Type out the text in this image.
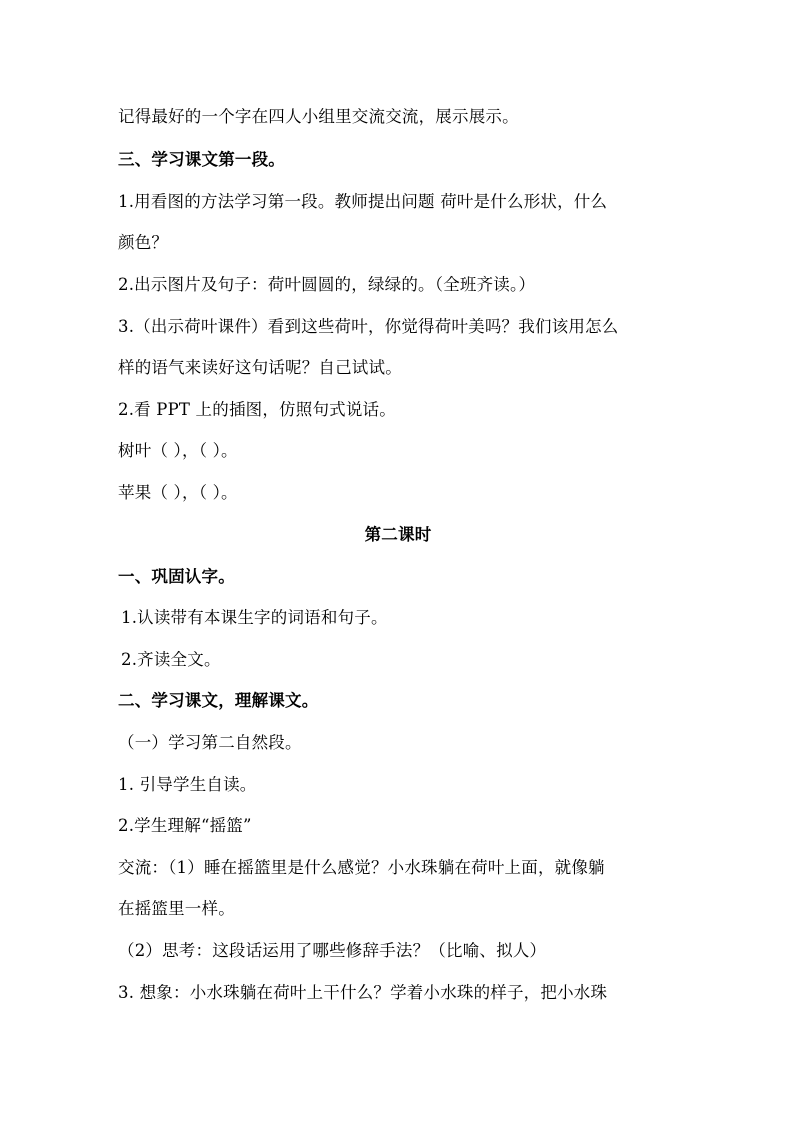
记得最好的一个字在四人小组里交流交流，展示展示。
三、学习课文第一段。
1.用看图的方法学习第一段。教师提出问题 荷叶是什么形状，什么
颜色？
2.出示图片及句子：荷叶圆圆的，绿绿的。（全班齐读。）
3.（出示荷叶课件）看到这些荷叶，你觉得荷叶美吗？我们该用怎么
样的语气来读好这句话呢？自己试试。
2.看 PPT 上的插图，仿照句式说话。
树叶（ ），（ ）。
苹果（ ），（ ）。
第二课时
一、巩固认字。
1.认读带有本课生字的词语和句子。
2.齐读全文。
二、学习课文，理解课文。
（一）学习第二自然段。
1. 引导学生自读。
2.学生理解“摇篮”
交流：（1）睡在摇篮里是什么感觉？小水珠躺在荷叶上面，就像躺
在摇篮里一样。
（2）思考：这段话运用了哪些修辞手法？（比喻、拟人）
3. 想象：小水珠躺在荷叶上干什么？学着小水珠的样子，把小水珠
